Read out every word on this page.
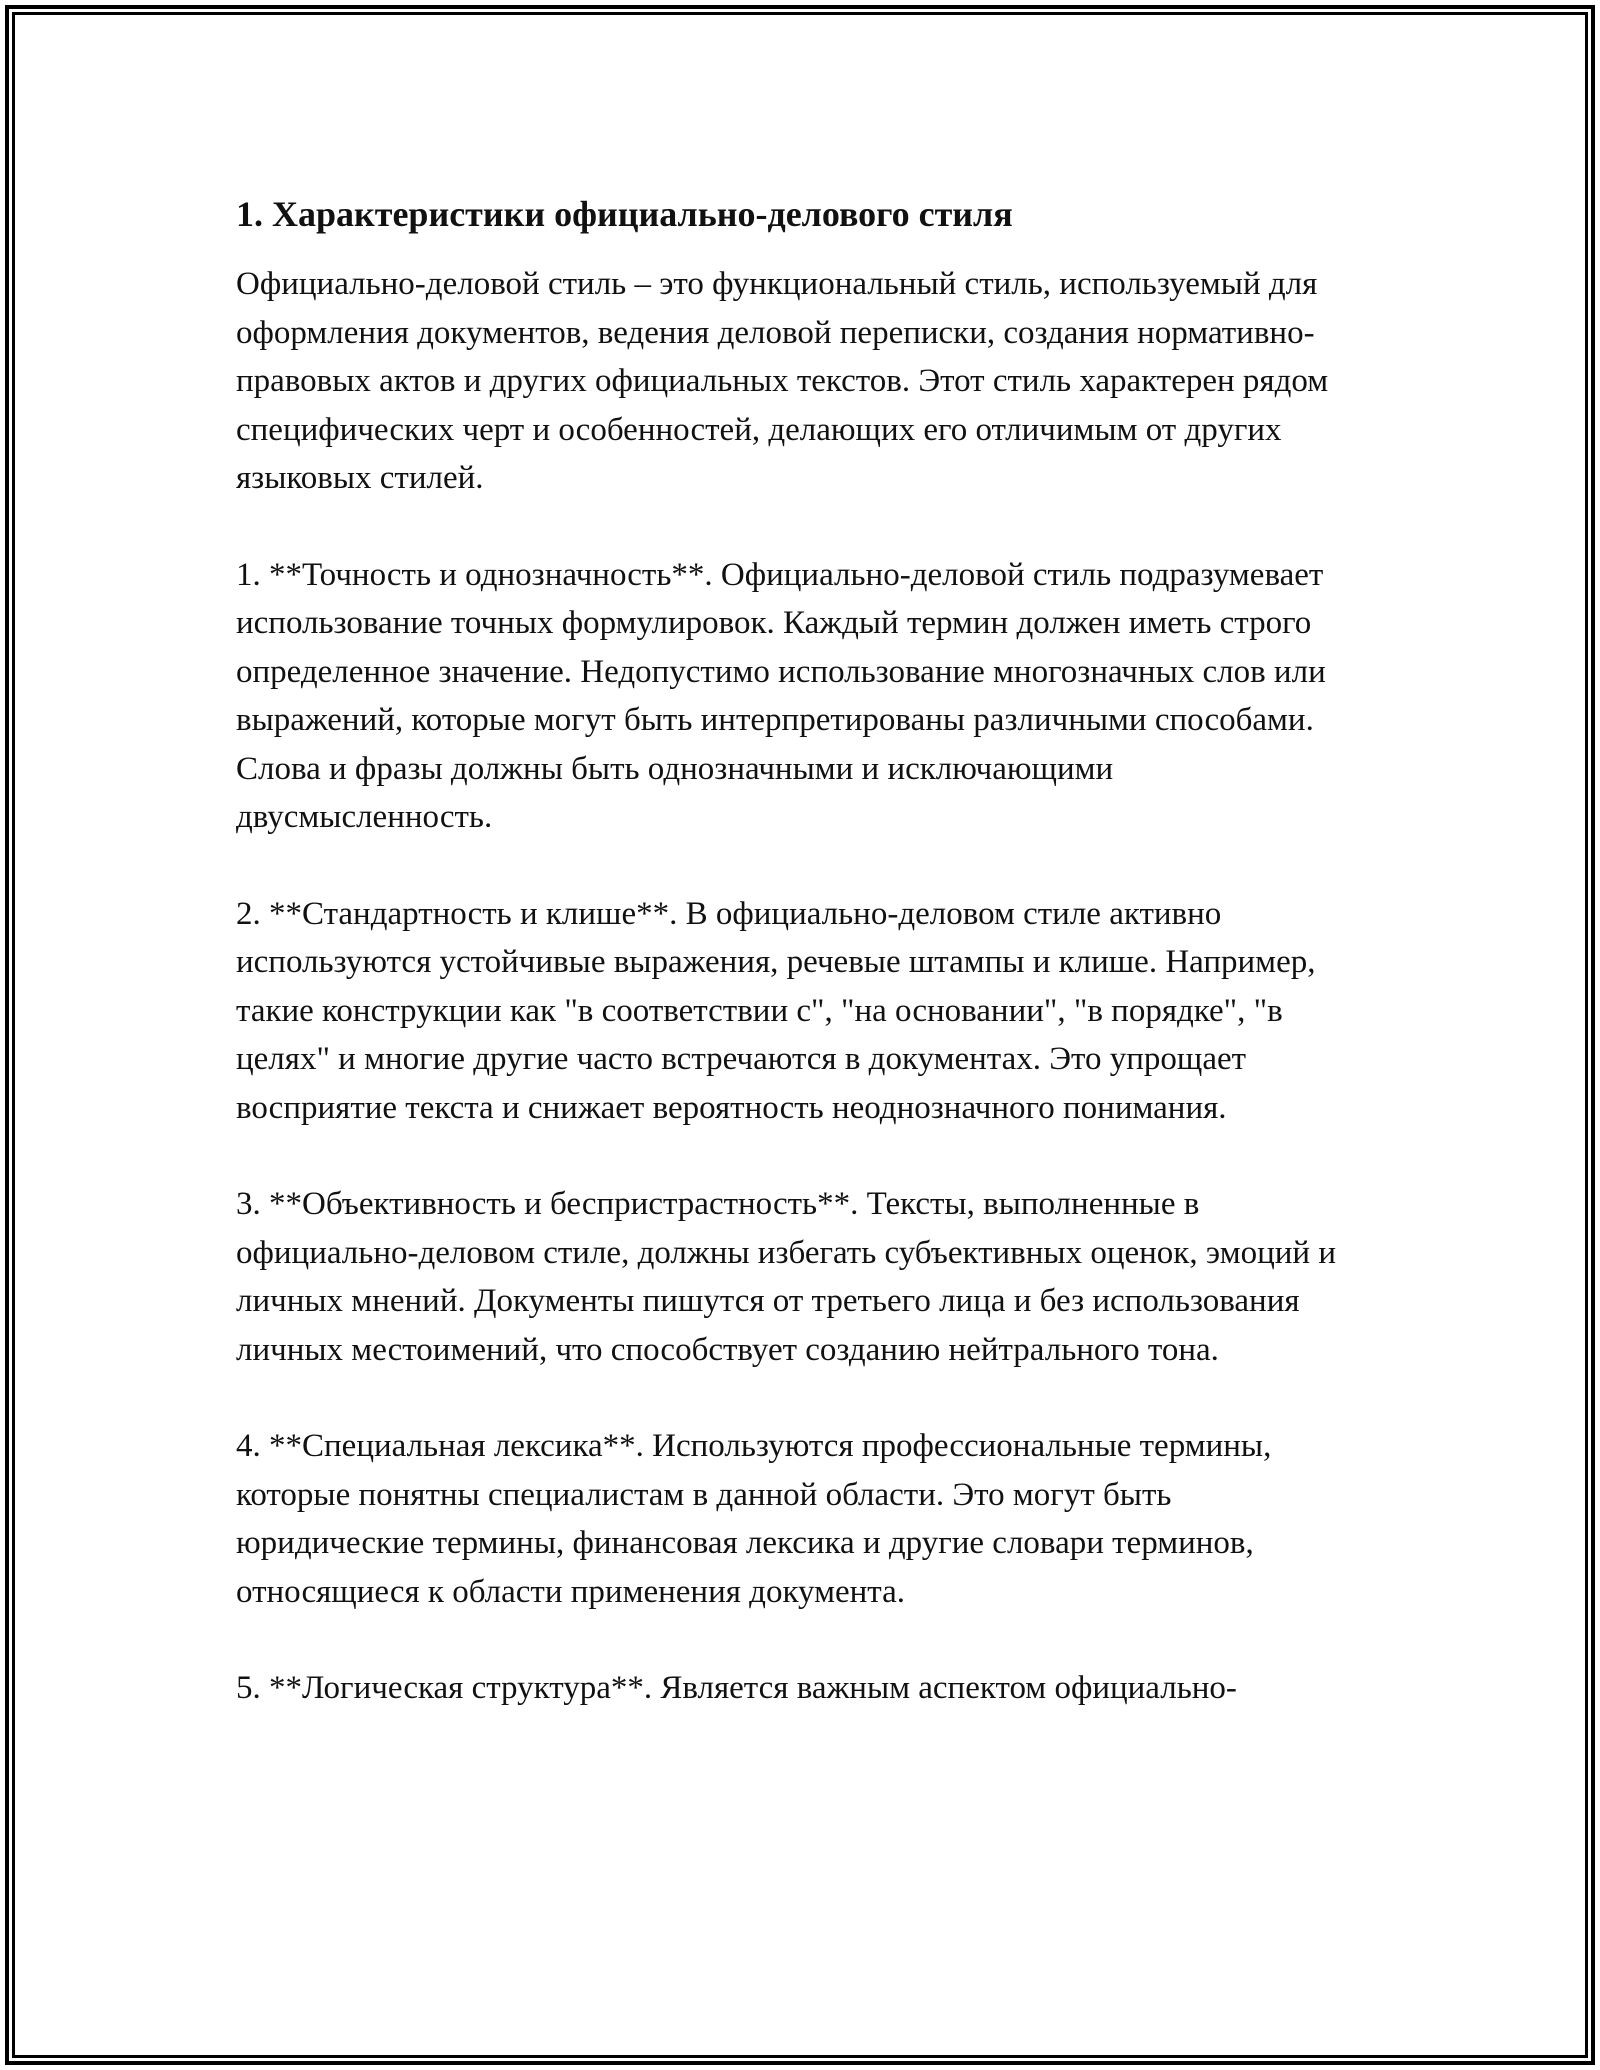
1. Характеристики официально-делового стиля

Официально-деловой стиль – это функциональный стиль, используемый для оформления документов, ведения деловой переписки, создания нормативно-правовых актов и других официальных текстов. Этот стиль характерен рядом специфических черт и особенностей, делающих его отличимым от других языковых стилей.

1. **Точность и однозначность**. Официально-деловой стиль подразумевает использование точных формулировок. Каждый термин должен иметь строго определенное значение. Недопустимо использование многозначных слов или выражений, которые могут быть интерпретированы различными способами. Слова и фразы должны быть однозначными и исключающими двусмысленность.

2. **Стандартность и клише**. В официально-деловом стиле активно используются устойчивые выражения, речевые штампы и клише. Например, такие конструкции как "в соответствии с", "на основании", "в порядке", "в целях" и многие другие часто встречаются в документах. Это упрощает восприятие текста и снижает вероятность неоднозначного понимания.

3. **Объективность и беспристрастность**. Тексты, выполненные в официально-деловом стиле, должны избегать субъективных оценок, эмоций и личных мнений. Документы пишутся от третьего лица и без использования личных местоимений, что способствует созданию нейтрального тона.

4. **Специальная лексика**. Используются профессиональные термины, которые понятны специалистам в данной области. Это могут быть юридические термины, финансовая лексика и другие словари терминов, относящиеся к области применения документа.

5. **Логическая структура**. Является важным аспектом официально-
